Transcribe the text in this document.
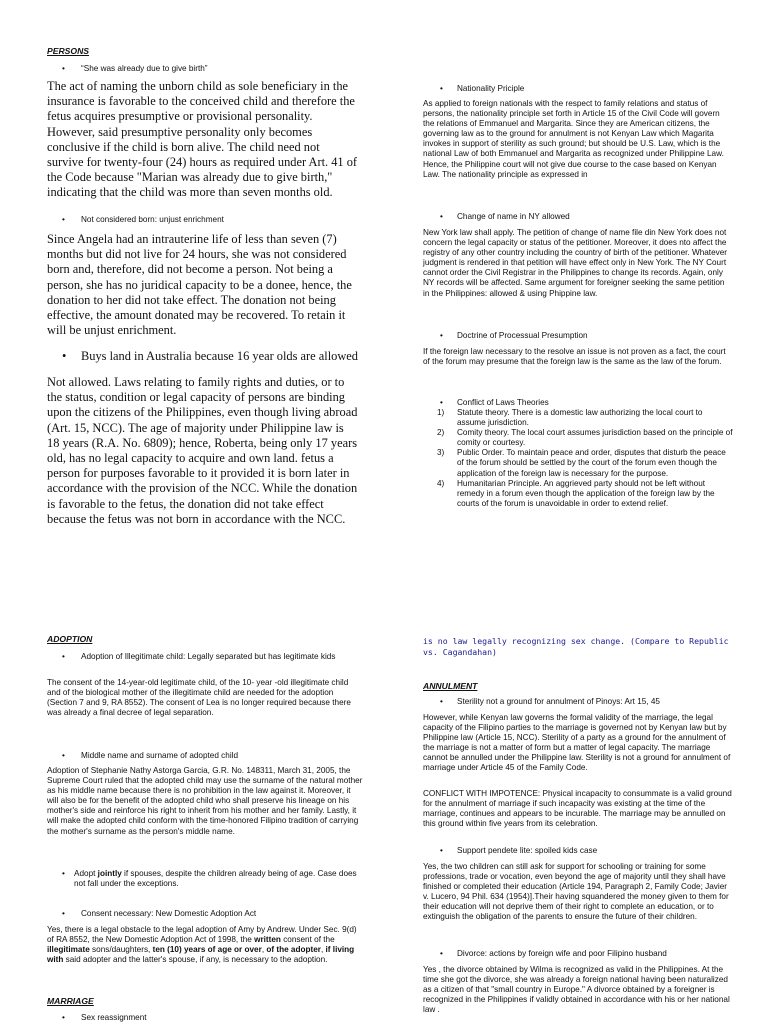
PERSONS
• “She was already due to give birth”

The act of naming the unborn child as sole beneficiary in the insurance is favorable to the conceived child and therefore the fetus acquires presumptive or provisional personality. However, said presumptive personality only becomes conclusive if the child is born alive. The child need not survive for twenty-four (24) hours as required under Art. 41 of the Code because "Marian was already due to give birth," indicating that the child was more than seven months old.

• Not considered born: unjust enrichment

Since Angela had an intrauterine life of less than seven (7) months but did not live for 24 hours, she was not considered born and, therefore, did not become a person. Not being a person, she has no juridical capacity to be a donee, hence, the donation to her did not take effect. The donation not being effective, the amount donated may be recovered. To retain it will be unjust enrichment.

• Buys land in Australia because 16 year olds are allowed

Not allowed. Laws relating to family rights and duties, or to the status, condition or legal capacity of persons are binding upon the citizens of the Philippines, even though living abroad (Art. 15, NCC). The age of majority under Philippine law is 18 years (R.A. No. 6809); hence, Roberta, being only 17 years old, has no legal capacity to acquire and own land. fetus a person for purposes favorable to it provided it is born later in accordance with the provision of the NCC. While the donation is favorable to the fetus, the donation did not take effect because the fetus was not born in accordance with the NCC.

ADOPTION
• Adoption of Illegitimate child: Legally separated but has legitimate kids

The consent of the 14-year-old legitimate child, of the 10- year -old illegitimate child and of the biological mother of the illegitimate child are needed for the adoption (Section 7 and 9, RA 8552). The consent of Lea is no longer required because there was already a final decree of legal separation.

• Middle name and surname of adopted child

Adoption of Stephanie Nathy Astorga Garcia, G.R. No. 148311, March 31, 2005, the Supreme Court ruled that the adopted child may use the surname of the natural mother as his middle name because there is no prohibition in the law against it. Moreover, it will also be for the benefit of the adopted child who shall preserve his lineage on his mother's side and reinforce his right to inherit from his mother and her family. Lastly, it will make the adopted child conform with the time-honored Filipino tradition of carrying the mother's surname as the person's middle name.

• Adopt jointly if spouses, despite the children already being of age. Case does not fall under the exceptions.
• Consent necessary: New Domestic Adoption Act

Yes, there is a legal obstacle to the legal adoption of Amy by Andrew. Under Sec. 9(d) of RA 8552, the New Domestic Adoption Act of 1998, the written consent of the illegitimate sons/daughters, ten (10) years of age or over, of the adopter, if living with said adopter and the latter's spouse, if any, is necessary to the adoption.

MARRIAGE
• Sex reassignment
• Nationality Priciple

As applied to foreign nationals with the respect to family relations and status of persons, the nationality principle set forth in Article 15 of the Civil Code will govern the relations of Emmanuel and Margarita. Since they are American citizens, the governing law as to the ground for annulment is not Kenyan Law which Magarita invokes in support of sterility as such ground; but should be U.S. Law, which is the national Law of both Emmanuel and Margarita as recognized under Philippine Law. Hence, the Philippine court will not give due course to the case based on Kenyan Law. The nationality principle as expressed in

• Change of name in NY allowed

New York law shall apply. The petition of change of name file din New York does not concern the legal capacity or status of the petitioner. Moreover, it does nto affect the registry of any other country including the country of birth of the petitioner. Whatever judgment is rendered in that petition will have effect only in New York. The NY Court cannot order the Civil Registrar in the Philippines to change its records. Again, only NY records will be affected. Same argument for foreigner seeking the same petition in the Philippines: allowed & using Phippine law.

• Doctrine of Processual Presumption

If the foreign law necessary to the resolve an issue is not proven as a fact, the court of the forum may presume that the foreign law is the same as the law of the forum.

• Conflict of Laws Theories
1) Statute theory. There is a domestic law authorizing the local court to assume jurisdiction.
2) Comity theory. The local court assumes jurisdiction based on the principle of comity or courtesy.
3) Public Order. To maintain peace and order, disputes that disturb the peace of the forum should be settled by the court of the forum even though the application of the foreign law is necessary for the purpose.
4) Humanitarian Principle. An aggrieved party should not be left without remedy in a forum even though the application of the foreign law by the courts of the forum is unavoidable in order to extend relief.

is no law legally recognizing sex change. (Compare to Republic vs. Cagandahan)

ANNULMENT
• Sterility not a ground for annulment of Pinoys: Art 15, 45

However, while Kenyan law governs the formal validity of the marriage, the legal capacity of the Filipino parties to the marriage is governed not by Kenyan law but by Philippine law (Article 15, NCC). Sterility of a party as a ground for the annulment of the marriage is not a matter of form but a matter of legal capacity. The marriage cannot be annulled under the Philippine law. Sterility is not a ground for annulment of marriage under Article 45 of the Family Code.

CONFLICT WITH IMPOTENCE: Physical incapacity to consummate is a valid ground for the annulment of marriage if such incapacity was existing at the time of the marriage, continues and appears to be incurable. The marriage may be annulled on this ground within five years from its celebration.

• Support pendete lite: spoiled kids case

Yes, the two children can still ask for support for schooling or training for some professions, trade or vocation, even beyond the age of majority until they shall have finished or completed their education (Article 194, Paragraph 2, Family Code; Javier v. Lucero, 94 Phil. 634 (1954)].Their having squandered the money given to them for their education will not deprive them of their right to complete an education, or to extinguish the obligation of the parents to ensure the future of their children.

• Divorce: actions by foreign wife and poor Filipino husband

Yes , the divorce obtained by Wilma is recognized as valid in the Philippines. At the time she got the divorce, she was already a foreign national having been naturalized as a citizen of that "small country in Europe." A divorce obtained by a foreigner is recognized in the Philippines if validly obtained in accordance with his or her national law .
